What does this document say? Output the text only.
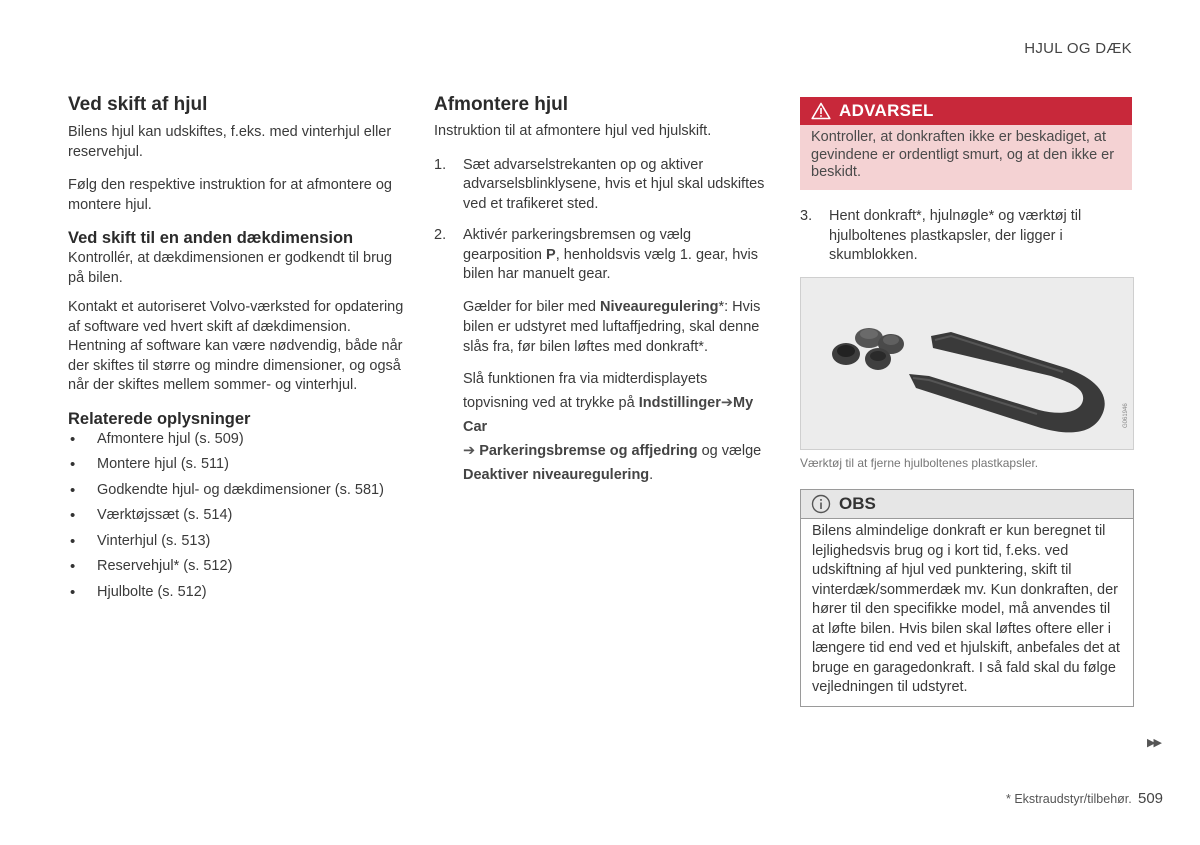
HJUL OG DÆK
Ved skift af hjul

Bilens hjul kan udskiftes, f.eks. med vinterhjul eller reservehjul.

Følg den respektive instruktion for at afmontere og montere hjul.

Ved skift til en anden dækdimension

Kontrollér, at dækdimensionen er godkendt til brug på bilen.

Kontakt et autoriseret Volvo-værksted for opdatering af software ved hvert skift af dækdimension. Hentning af software kan være nødvendig, både når der skiftes til større og mindre dimensioner, og også når der skiftes mellem sommer- og vinterhjul.

Relaterede oplysninger
• Afmontere hjul (s. 509)
• Montere hjul (s. 511)
• Godkendte hjul- og dækdimensioner (s. 581)
• Værktøjssæt (s. 514)
• Vinterhjul (s. 513)
• Reservehjul* (s. 512)
• Hjulbolte (s. 512)
Afmontere hjul

Instruktion til at afmontere hjul ved hjulskift.

1. Sæt advarselstrekanten op og aktiver advarselsblinklysene, hvis et hjul skal udskiftes ved et trafikeret sted.
2. Aktivér parkeringsbremsen og vælg gearposition P, henholdsvis vælg 1. gear, hvis bilen har manuelt gear.

Gælder for biler med Niveauregulering*: Hvis bilen er udstyret med luftaffjedring, skal denne slås fra, før bilen løftes med donkraft*.

Slå funktionen fra via midterdisplayets topvisning ved at trykke på Indstillinger➔My Car
➔ Parkeringsbremse og affjedring og vælge Deaktiver niveauregulering.

ADVARSEL
Kontroller, at donkraften ikke er beskadiget, at gevindene er ordentligt smurt, og at den ikke er beskidt.
3. Hent donkraft*, hjulnøgle* og værktøj til hjulboltenes plastkapsler, der ligger i skumblokken.
G061946
Værktøj til at fjerne hjulboltenes plastkapsler.
OBS
Bilens almindelige donkraft er kun beregnet til lejlighedsvis brug og i kort tid, f.eks. ved udskiftning af hjul ved punktering, skift til vinterdæk/sommerdæk mv. Kun donkraften, der hører til den specifikke model, må anvendes til at løfte bilen. Hvis bilen skal løftes oftere eller i længere tid end ved et hjulskift, anbefales det at bruge en garagedonkraft. I så fald skal du følge vejledningen til udstyret.
▶▶
* Ekstraudstyr/tilbehør. 509
